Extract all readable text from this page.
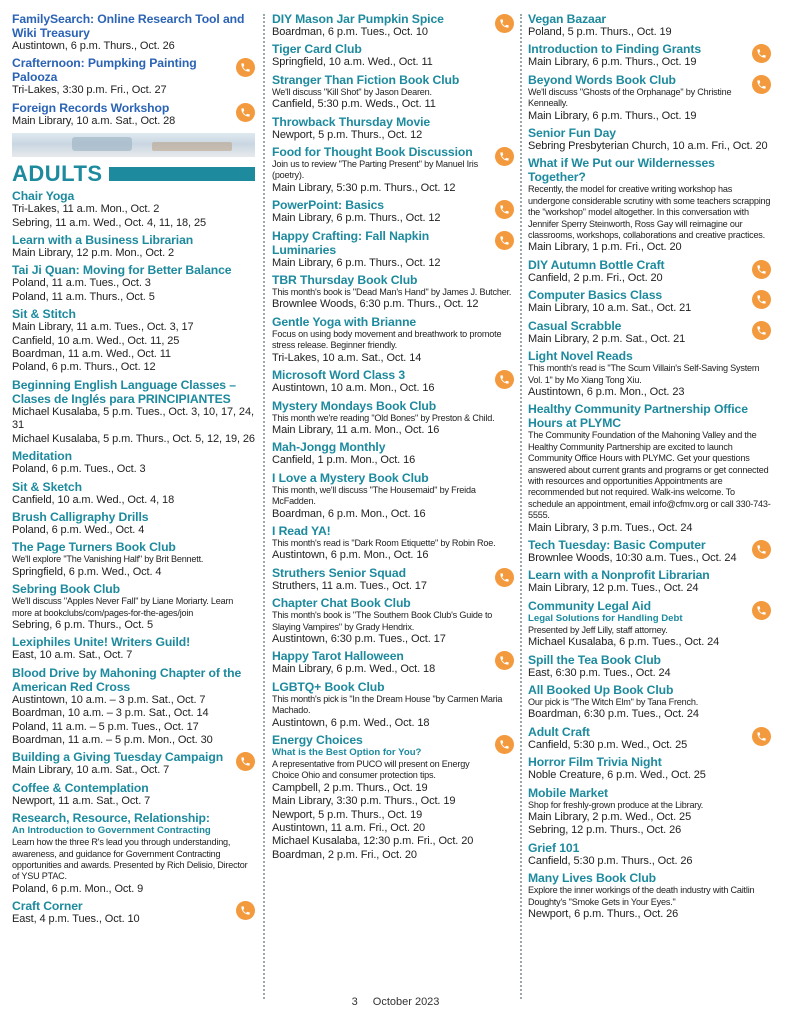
FamilySearch: Online Research Tool and Wiki Treasury
Austintown, 6 p.m. Thurs., Oct. 26
Crafternoon: Pumpking Painting Palooza
Tri-Lakes, 3:30 p.m. Fri., Oct. 27
Foreign Records Workshop
Main Library, 10 a.m. Sat., Oct. 28
ADULTS
Chair Yoga
Tri-Lakes, 11 a.m. Mon., Oct. 2
Sebring, 11 a.m. Wed., Oct. 4, 11, 18, 25
Learn with a Business Librarian
Main Library, 12 p.m. Mon., Oct. 2
Tai Ji Quan: Moving for Better Balance
Poland, 11 a.m. Tues., Oct. 3
Poland, 11 a.m. Thurs., Oct. 5
Sit & Stitch
Main Library, 11 a.m. Tues., Oct. 3, 17
Canfield, 10 a.m. Wed., Oct. 11, 25
Boardman, 11 a.m. Wed., Oct. 11
Poland, 6 p.m. Thurs., Oct. 12
Beginning English Language Classes – Clases de Inglés para PRINCIPIANTES
Michael Kusalaba, 5 p.m. Tues., Oct. 3, 10, 17, 24, 31
Michael Kusalaba, 5 p.m. Thurs., Oct. 5, 12, 19, 26
Meditation
Poland, 6 p.m. Tues., Oct. 3
Sit & Sketch
Canfield, 10 a.m. Wed., Oct. 4, 18
Brush Calligraphy Drills
Poland, 6 p.m. Wed., Oct. 4
The Page Turners Book Club
We'll explore "The Vanishing Half" by Brit Bennett.
Springfield, 6 p.m. Wed., Oct. 4
Sebring Book Club
We'll discuss "Apples Never Fall" by Liane Moriarty. Learn more at bookclubs/com/pages-for-the-ages/join
Sebring, 6 p.m. Thurs., Oct. 5
Lexiphiles Unite! Writers Guild!
East, 10 a.m. Sat., Oct. 7
Blood Drive by Mahoning Chapter of the American Red Cross
Austintown, 10 a.m. – 3 p.m. Sat., Oct. 7
Boardman, 10 a.m. – 3 p.m. Sat., Oct. 14
Poland, 11 a.m. – 5 p.m. Tues., Oct. 17
Boardman, 11 a.m. – 5 p.m. Mon., Oct. 30
Building a Giving Tuesday Campaign
Main Library, 10 a.m. Sat., Oct. 7
Coffee & Contemplation
Newport, 11 a.m. Sat., Oct. 7
Research, Resource, Relationship:
An Introduction to Government Contracting
Learn how the three R's lead you through understanding, awareness, and guidance for Government Contracting opportunities and awards. Presented by Rich Delisio, Director of YSU PTAC.
Poland, 6 p.m. Mon., Oct. 9
Craft Corner
East, 4 p.m. Tues., Oct. 10
DIY Mason Jar Pumpkin Spice
Boardman, 6 p.m. Tues., Oct. 10
Tiger Card Club
Springfield, 10 a.m. Wed., Oct. 11
Stranger Than Fiction Book Club
We'll discuss "Kill Shot" by Jason Dearen.
Canfield, 5:30 p.m. Weds., Oct. 11
Throwback Thursday Movie
Newport, 5 p.m. Thurs., Oct. 12
Food for Thought Book Discussion
Join us to review "The Parting Present" by Manuel Iris (poetry).
Main Library, 5:30 p.m. Thurs., Oct. 12
PowerPoint: Basics
Main Library, 6 p.m. Thurs., Oct. 12
Happy Crafting: Fall Napkin Luminaries
Main Library, 6 p.m. Thurs., Oct. 12
TBR Thursday Book Club
This month's book is "Dead Man's Hand" by James J. Butcher.
Brownlee Woods, 6:30 p.m. Thurs., Oct. 12
Gentle Yoga with Brianne
Focus on using body movement and breathwork to promote stress release. Beginner friendly.
Tri-Lakes, 10 a.m. Sat., Oct. 14
Microsoft Word Class 3
Austintown, 10 a.m. Mon., Oct. 16
Mystery Mondays Book Club
This month we're reading "Old Bones" by Preston & Child.
Main Library, 11 a.m. Mon., Oct. 16
Mah-Jongg Monthly
Canfield, 1 p.m. Mon., Oct. 16
I Love a Mystery Book Club
This month, we'll discuss "The Housemaid" by Freida McFadden.
Boardman, 6 p.m. Mon., Oct. 16
I Read YA!
This month's read is "Dark Room Etiquette" by Robin Roe.
Austintown, 6 p.m. Mon., Oct. 16
Struthers Senior Squad
Struthers, 11 a.m. Tues., Oct. 17
Chapter Chat Book Club
This month's book is "The Southern Book Club's Guide to Slaying Vampires" by Grady Hendrix.
Austintown, 6:30 p.m. Tues., Oct. 17
Happy Tarot Halloween
Main Library, 6 p.m. Wed., Oct. 18
LGBTQ+ Book Club
This month's pick is "In the Dream House "by Carmen Maria Machado.
Austintown, 6 p.m. Wed., Oct. 18
Energy Choices
What is the Best Option for You?
A representative from PUCO will present on Energy Choice Ohio and consumer protection tips.
Campbell, 2 p.m. Thurs., Oct. 19
Main Library, 3:30 p.m. Thurs., Oct. 19
Newport, 5 p.m. Thurs., Oct. 19
Austintown, 11 a.m. Fri., Oct. 20
Michael Kusalaba, 12:30 p.m. Fri., Oct. 20
Boardman, 2 p.m. Fri., Oct. 20
Vegan Bazaar
Poland, 5 p.m. Thurs., Oct. 19
Introduction to Finding Grants
Main Library, 6 p.m. Thurs., Oct. 19
Beyond Words Book Club
We'll discuss "Ghosts of the Orphanage" by Christine Kenneally.
Main Library, 6 p.m. Thurs., Oct. 19
Senior Fun Day
Sebring Presbyterian Church, 10 a.m. Fri., Oct. 20
What if We Put our Wildernesses Together?
Recently, the model for creative writing workshop has undergone considerable scrutiny with some teachers scrapping the "workshop" model altogether. In this conversation with Jennifer Sperry Steinworth, Ross Gay will reimagine our classrooms, workshops, collaborations and creative practices.
Main Library, 1 p.m. Fri., Oct. 20
DIY Autumn Bottle Craft
Canfield, 2 p.m. Fri., Oct. 20
Computer Basics Class
Main Library, 10 a.m. Sat., Oct. 21
Casual Scrabble
Main Library, 2 p.m. Sat., Oct. 21
Light Novel Reads
This month's read is "The Scum Villain's Self-Saving System Vol. 1" by Mo Xiang Tong Xiu.
Austintown, 6 p.m. Mon., Oct. 23
Healthy Community Partnership Office Hours at PLYMC
The Community Foundation of the Mahoning Valley and the Healthy Community Partnership are excited to launch Community Office Hours with PLYMC. Get your questions answered about current grants and programs or get connected with resources and opportunities Appointments are recommended but not required. Walk-ins welcome. To schedule an appointment, email info@cfmv.org or call 330-743-5555.
Main Library, 3 p.m. Tues., Oct. 24
Tech Tuesday: Basic Computer
Brownlee Woods, 10:30 a.m. Tues., Oct. 24
Learn with a Nonprofit Librarian
Main Library, 12 p.m. Tues., Oct. 24
Community Legal Aid
Legal Solutions for Handling Debt
Presented by Jeff Lilly, staff attorney.
Michael Kusalaba, 6 p.m. Tues., Oct. 24
Spill the Tea Book Club
East, 6:30 p.m. Tues., Oct. 24
All Booked Up Book Club
Our pick is "The Witch Elm" by Tana French.
Boardman, 6:30 p.m. Tues., Oct. 24
Adult Craft
Canfield, 5:30 p.m. Wed., Oct. 25
Horror Film Trivia Night
Noble Creature, 6 p.m. Wed., Oct. 25
Mobile Market
Shop for freshly-grown produce at the Library.
Main Library, 2 p.m. Wed., Oct. 25
Sebring, 12 p.m. Thurs., Oct. 26
Grief 101
Canfield, 5:30 p.m. Thurs., Oct. 26
Many Lives Book Club
Explore the inner workings of the death industry with Caitlin Doughty's "Smoke Gets in Your Eyes."
Newport, 6 p.m. Thurs., Oct. 26
3 October 2023
